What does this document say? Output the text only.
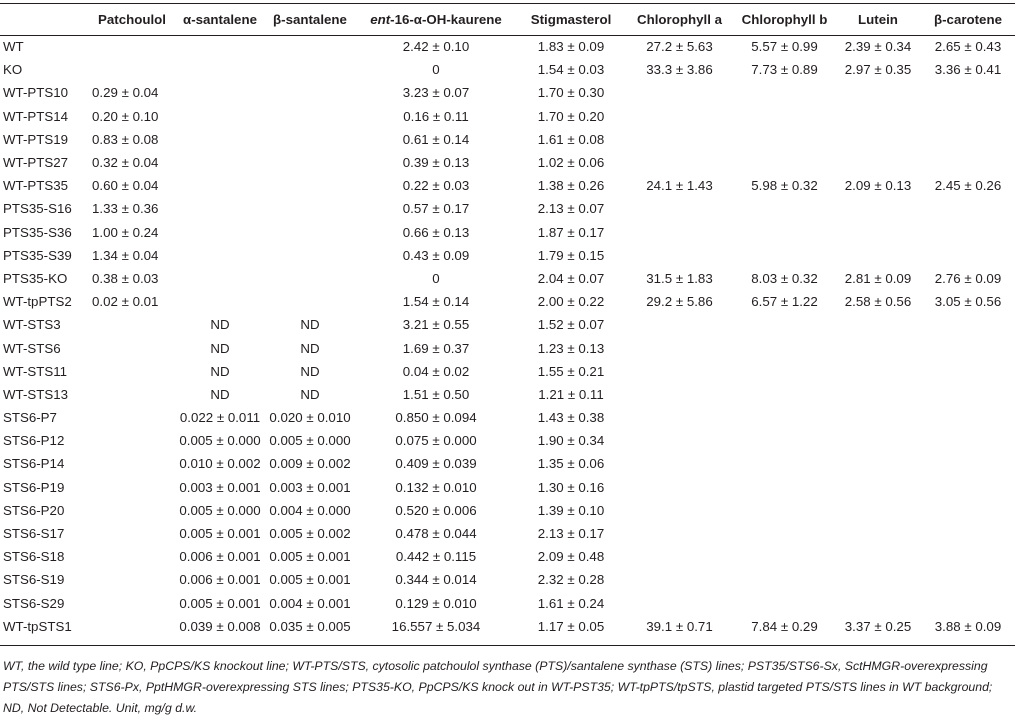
	Patchoulol	α-santalene	β-santalene	ent-16-α-OH-kaurene	Stigmasterol	Chlorophyll a	Chlorophyll b	Lutein	β-carotene
WT				2.42 ± 0.10	1.83 ± 0.09	27.2 ± 5.63	5.57 ± 0.99	2.39 ± 0.34	2.65 ± 0.43
KO				0	1.54 ± 0.03	33.3 ± 3.86	7.73 ± 0.89	2.97 ± 0.35	3.36 ± 0.41
WT-PTS10	0.29 ± 0.04			3.23 ± 0.07	1.70 ± 0.30				
WT-PTS14	0.20 ± 0.10			0.16 ± 0.11	1.70 ± 0.20				
WT-PTS19	0.83 ± 0.08			0.61 ± 0.14	1.61 ± 0.08				
WT-PTS27	0.32 ± 0.04			0.39 ± 0.13	1.02 ± 0.06				
WT-PTS35	0.60 ± 0.04			0.22 ± 0.03	1.38 ± 0.26	24.1 ± 1.43	5.98 ± 0.32	2.09 ± 0.13	2.45 ± 0.26
PTS35-S16	1.33 ± 0.36			0.57 ± 0.17	2.13 ± 0.07				
PTS35-S36	1.00 ± 0.24			0.66 ± 0.13	1.87 ± 0.17				
PTS35-S39	1.34 ± 0.04			0.43 ± 0.09	1.79 ± 0.15				
PTS35-KO	0.38 ± 0.03			0	2.04 ± 0.07	31.5 ± 1.83	8.03 ± 0.32	2.81 ± 0.09	2.76 ± 0.09
WT-tpPTS2	0.02 ± 0.01			1.54 ± 0.14	2.00 ± 0.22	29.2 ± 5.86	6.57 ± 1.22	2.58 ± 0.56	3.05 ± 0.56
WT-STS3		ND	ND	3.21 ± 0.55	1.52 ± 0.07				
WT-STS6		ND	ND	1.69 ± 0.37	1.23 ± 0.13				
WT-STS11		ND	ND	0.04 ± 0.02	1.55 ± 0.21				
WT-STS13		ND	ND	1.51 ± 0.50	1.21 ± 0.11				
STS6-P7		0.022 ± 0.011	0.020 ± 0.010	0.850 ± 0.094	1.43 ± 0.38				
STS6-P12		0.005 ± 0.000	0.005 ± 0.000	0.075 ± 0.000	1.90 ± 0.34				
STS6-P14		0.010 ± 0.002	0.009 ± 0.002	0.409 ± 0.039	1.35 ± 0.06				
STS6-P19		0.003 ± 0.001	0.003 ± 0.001	0.132 ± 0.010	1.30 ± 0.16				
STS6-P20		0.005 ± 0.000	0.004 ± 0.000	0.520 ± 0.006	1.39 ± 0.10				
STS6-S17		0.005 ± 0.001	0.005 ± 0.002	0.478 ± 0.044	2.13 ± 0.17				
STS6-S18		0.006 ± 0.001	0.005 ± 0.001	0.442 ± 0.115	2.09 ± 0.48				
STS6-S19		0.006 ± 0.001	0.005 ± 0.001	0.344 ± 0.014	2.32 ± 0.28				
STS6-S29		0.005 ± 0.001	0.004 ± 0.001	0.129 ± 0.010	1.61 ± 0.24				
WT-tpSTS1		0.039 ± 0.008	0.035 ± 0.005	16.557 ± 5.034	1.17 ± 0.05	39.1 ± 0.71	7.84 ± 0.29	3.37 ± 0.25	3.88 ± 0.09
WT, the wild type line; KO, PpCPS/KS knockout line; WT-PTS/STS, cytosolic patchoulol synthase (PTS)/santalene synthase (STS) lines; PST35/STS6-Sx, SctHMGR-overexpressing PTS/STS lines; STS6-Px, PptHMGR-overexpressing STS lines; PTS35-KO, PpCPS/KS knock out in WT-PST35; WT-tpPTS/tpSTS, plastid targeted PTS/STS lines in WT background; ND, Not Detectable. Unit, mg/g d.w.
